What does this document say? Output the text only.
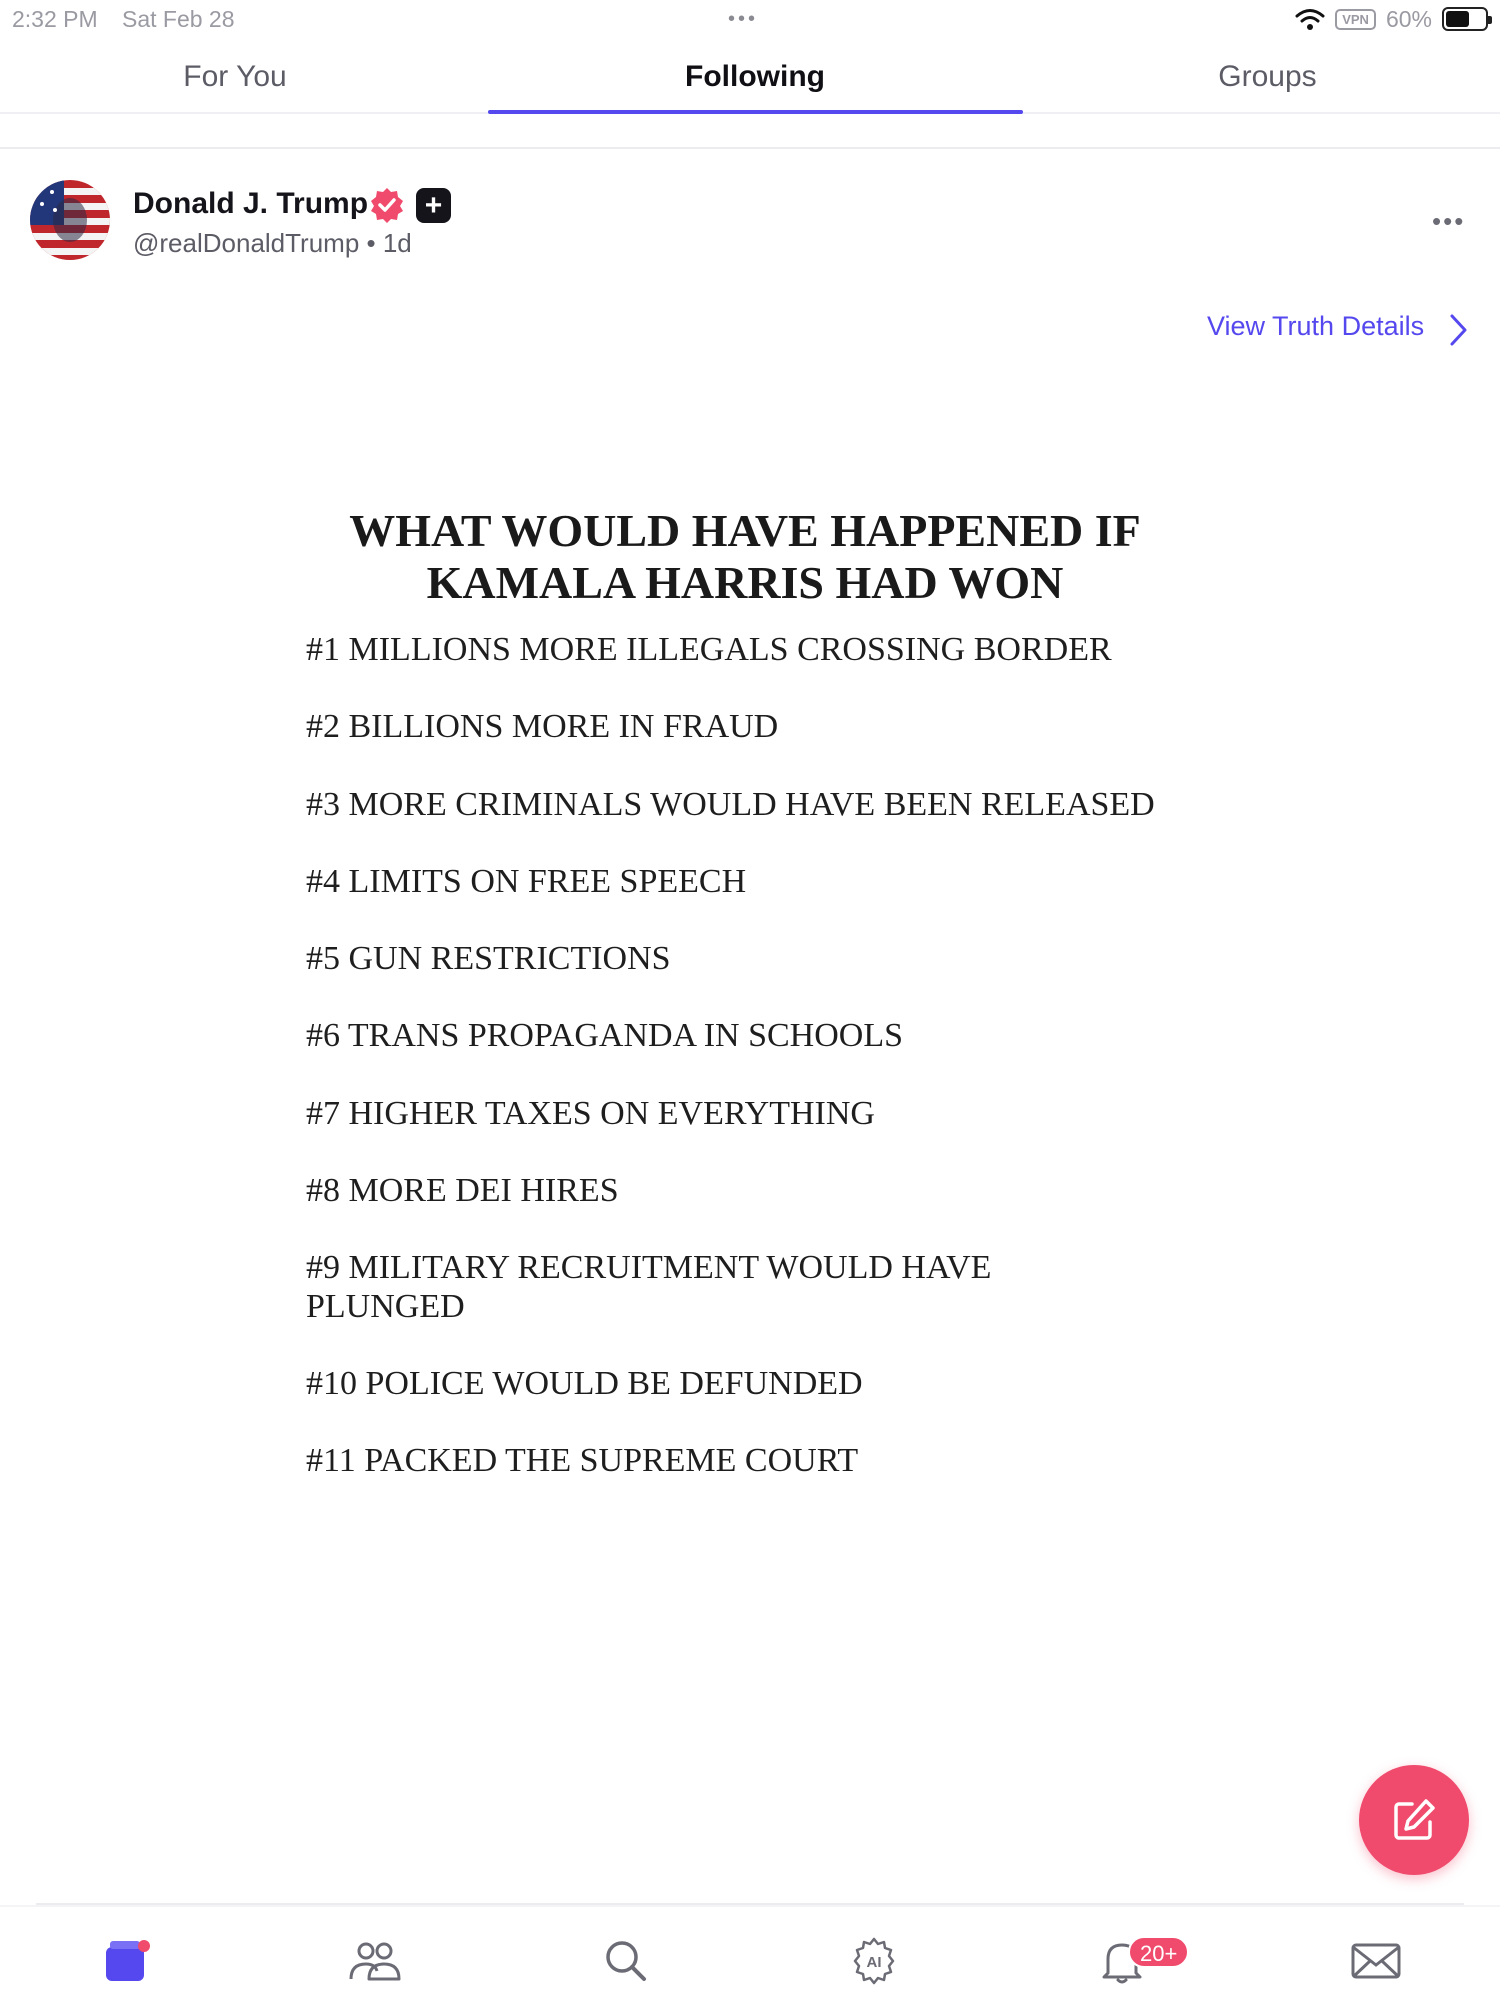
2:32 PM Sat Feb 28	•••	VPN 60%
For You	Following	Groups
Donald J. Trump +
@realDonaldTrump • 1d
•••
View Truth Details
WHAT WOULD HAVE HAPPENED IF
KAMALA HARRIS HAD WON
#1 MILLIONS MORE ILLEGALS CROSSING BORDER
#2 BILLIONS MORE IN FRAUD
#3 MORE CRIMINALS WOULD HAVE BEEN RELEASED
#4 LIMITS ON FREE SPEECH
#5 GUN RESTRICTIONS
#6 TRANS PROPAGANDA IN SCHOOLS
#7 HIGHER TAXES ON EVERYTHING
#8 MORE DEI HIRES
#9 MILITARY RECRUITMENT WOULD HAVE
PLUNGED
#10 POLICE WOULD BE DEFUNDED
#11 PACKED THE SUPREME COURT
AI	20+
